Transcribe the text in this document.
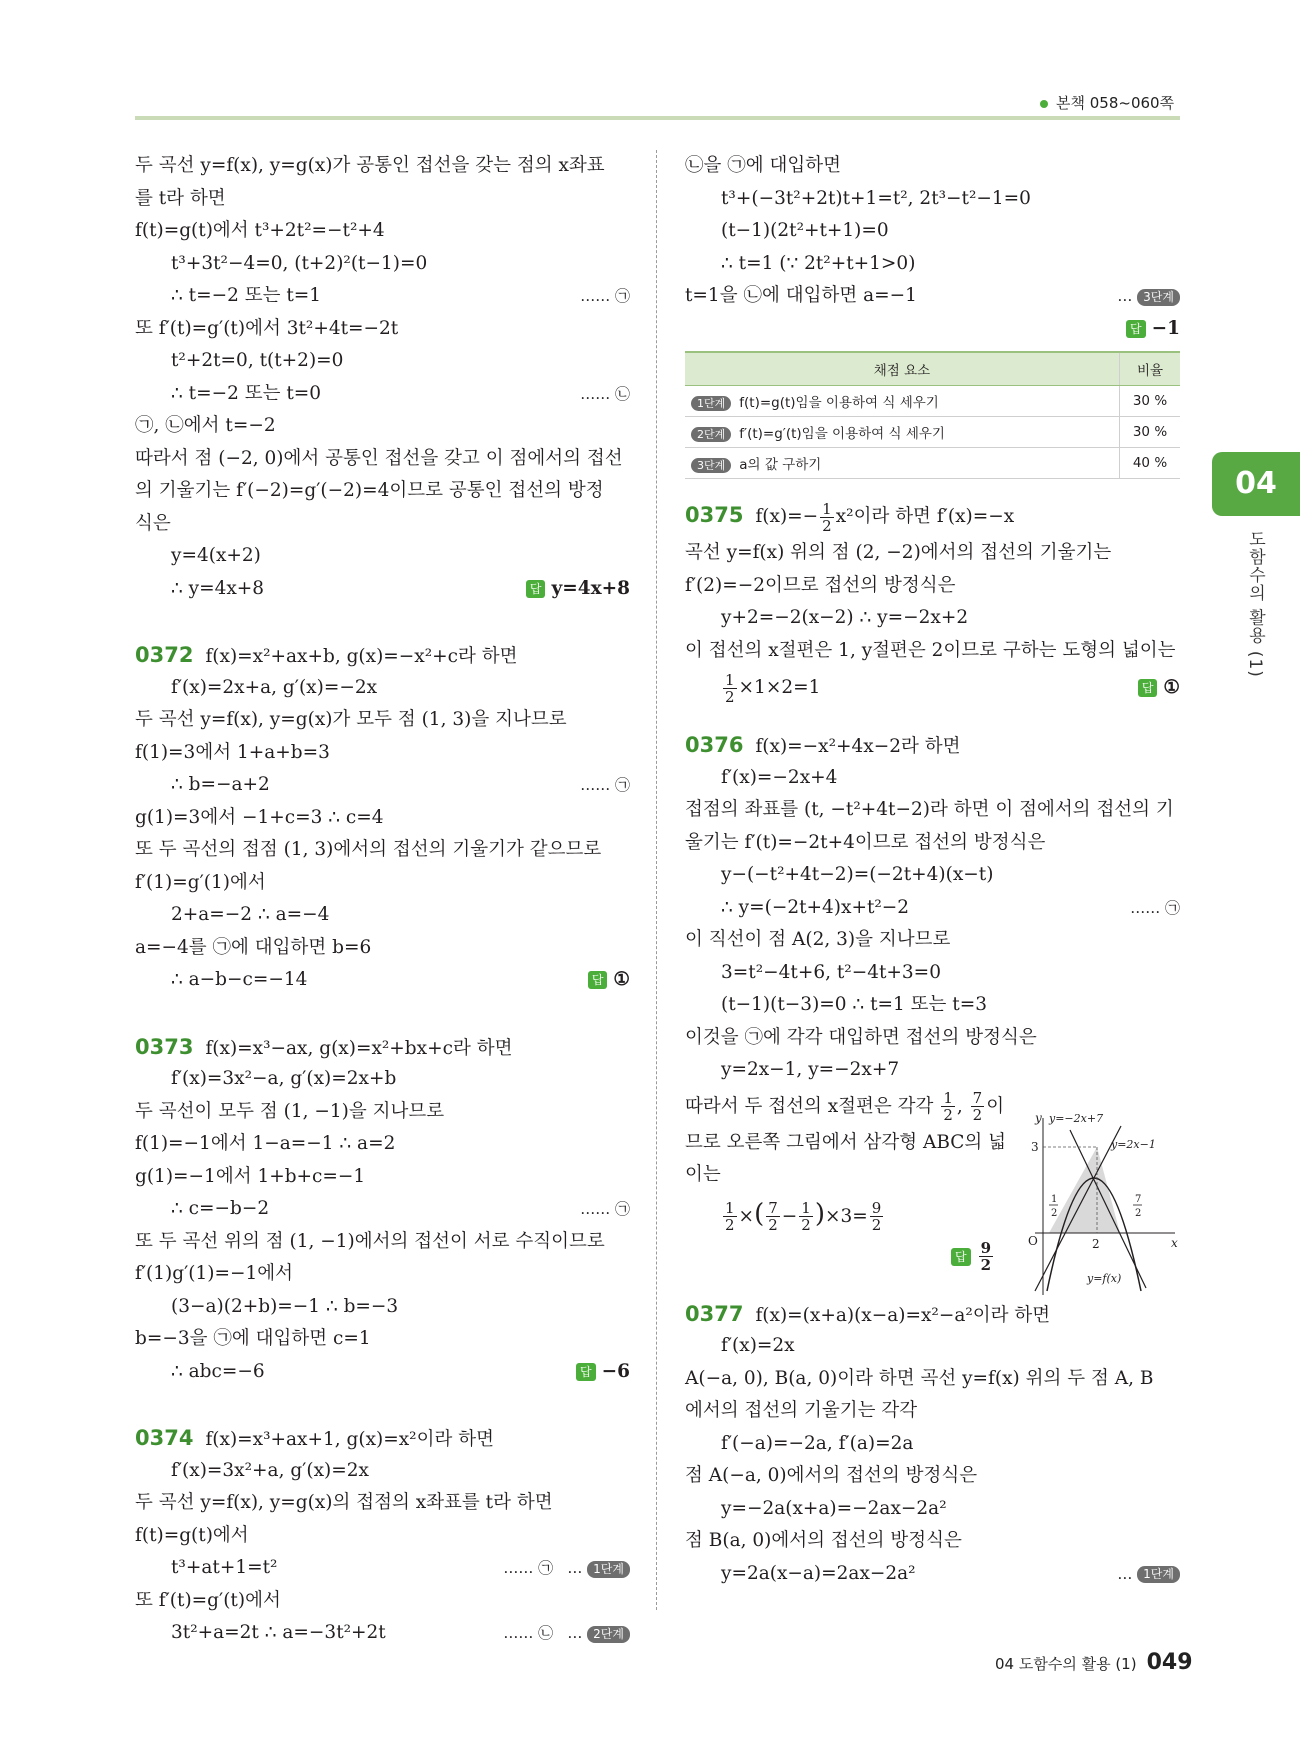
본책 058~060쪽
04
도함수의 활용 (1)
두 곡선 y=f(x), y=g(x)가 공통인 접선을 갖는 점의 x좌표
를 t라 하면
f(t)=g(t)에서 t³+2t²=−t²+4
t³+3t²−4=0, (t+2)²(t−1)=0
∴ t=−2 또는 t=1	…… ㉠
또 f′(t)=g′(t)에서 3t²+4t=−2t
t²+2t=0, t(t+2)=0
∴ t=−2 또는 t=0	…… ㉡
㉠, ㉡에서 t=−2
따라서 점 (−2, 0)에서 공통인 접선을 갖고 이 점에서의 접선
의 기울기는 f′(−2)=g′(−2)=4이므로 공통인 접선의 방정
식은
y=4(x+2)
∴ y=4x+8	답 y=4x+8
0372 f(x)=x²+ax+b, g(x)=−x²+c라 하면
f′(x)=2x+a, g′(x)=−2x
두 곡선 y=f(x), y=g(x)가 모두 점 (1, 3)을 지나므로
f(1)=3에서 1+a+b=3
∴ b=−a+2	…… ㉠
g(1)=3에서 −1+c=3 ∴ c=4
또 두 곡선의 접점 (1, 3)에서의 접선의 기울기가 같으므로
f′(1)=g′(1)에서
2+a=−2 ∴ a=−4
a=−4를 ㉠에 대입하면 b=6
∴ a−b−c=−14	답 ①
0373 f(x)=x³−ax, g(x)=x²+bx+c라 하면
f′(x)=3x²−a, g′(x)=2x+b
두 곡선이 모두 점 (1, −1)을 지나므로
f(1)=−1에서 1−a=−1 ∴ a=2
g(1)=−1에서 1+b+c=−1
∴ c=−b−2	…… ㉠
또 두 곡선 위의 점 (1, −1)에서의 접선이 서로 수직이므로
f′(1)g′(1)=−1에서
(3−a)(2+b)=−1 ∴ b=−3
b=−3을 ㉠에 대입하면 c=1
∴ abc=−6	답 −6
0374 f(x)=x³+ax+1, g(x)=x²이라 하면
f′(x)=3x²+a, g′(x)=2x
두 곡선 y=f(x), y=g(x)의 접점의 x좌표를 t라 하면
f(t)=g(t)에서
t³+at+1=t²	…… ㉠   … 1단계
또 f′(t)=g′(t)에서
3t²+a=2t ∴ a=−3t²+2t	…… ㉡   … 2단계
㉡을 ㉠에 대입하면
t³+(−3t²+2t)t+1=t², 2t³−t²−1=0
(t−1)(2t²+t+1)=0
∴ t=1 (∵ 2t²+t+1>0)
t=1을 ㉡에 대입하면 a=−1	… 3단계
답 −1
채점 요소	비율
1단계 f(t)=g(t)임을 이용하여 식 세우기	30 %
2단계 f′(t)=g′(t)임을 이용하여 식 세우기	30 %
3단계 a의 값 구하기	40 %
0375 $f(x)=- \frac{1}{2} x^2$이라 하면 f′(x)=−x
곡선 y=f(x) 위의 점 (2, −2)에서의 접선의 기울기는
f′(2)=−2이므로 접선의 방정식은
y+2=−2(x−2) ∴ y=−2x+2
이 접선의 x절편은 1, y절편은 2이므로 구하는 도형의 넓이는
$\frac{1}{2} \times 1\times 2=1$	답 ①
0376 f(x)=−x²+4x−2라 하면
f′(x)=−2x+4
접점의 좌표를 (t, −t²+4t−2)라 하면 이 점에서의 접선의 기
울기는 f′(t)=−2t+4이므로 접선의 방정식은
y−(−t²+4t−2)=(−2t+4)(x−t)
∴ y=(−2t+4)x+t²−2	…… ㉠
이 직선이 점 A(2, 3)을 지나므로
3=t²−4t+6, t²−4t+3=0
(t−1)(t−3)=0 ∴ t=1 또는 t=3
이것을 ㉠에 각각 대입하면 접선의 방정식은
y=2x−1, y=−2x+7
따라서 두 접선의 x절편은 각각 $\frac{1}{2}$ , $\frac{7}{2}$ 이
므로 오른쪽 그림에서 삼각형 ABC의 넓
이는
$\frac{1}{2}$ ×( $\frac{7}{2} - \frac{1}{2} )\times 3= \frac{9}{2}$
답 $\frac{9}{2}$
0377 f(x)=(x+a)(x−a)=x²−a²이라 하면
f′(x)=2x
A(−a, 0), B(a, 0)이라 하면 곡선 y=f(x) 위의 두 점 A, B
에서의 접선의 기울기는 각각
f′(−a)=−2a, f′(a)=2a
점 A(−a, 0)에서의 접선의 방정식은
y=−2a(x+a)=−2ax−2a²
점 B(a, 0)에서의 접선의 방정식은
y=2a(x−a)=2ax−2a²	… 1단계
y
x
O
3
2
y=−2x+7
y=2x−1
y=f(x)
1
2
7
2
04 도함수의 활용 (1) 049
